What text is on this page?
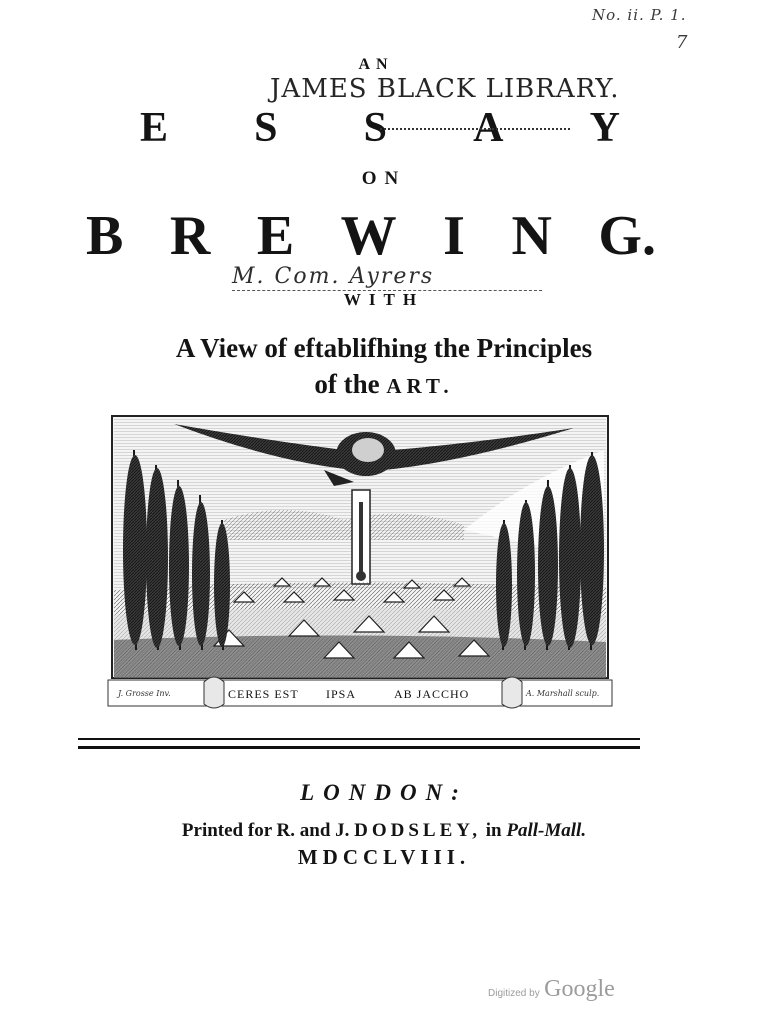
No. ii. P. 1.
7
AN
JAMES BLACK LIBRARY.
E S S A Y
ON
B R E W I N G.
M. Com. Ayrers
WITH
A View of eftablifhing the Principles
of the ART.
J. Grosse Inv.	CERES EST IPSA	AB JACCHO	A. Marshall sculp.
LONDON:
Printed for R. and J. DODSLEY, in Pall-Mall.
MDCCLVIII.
Digitized by Google
